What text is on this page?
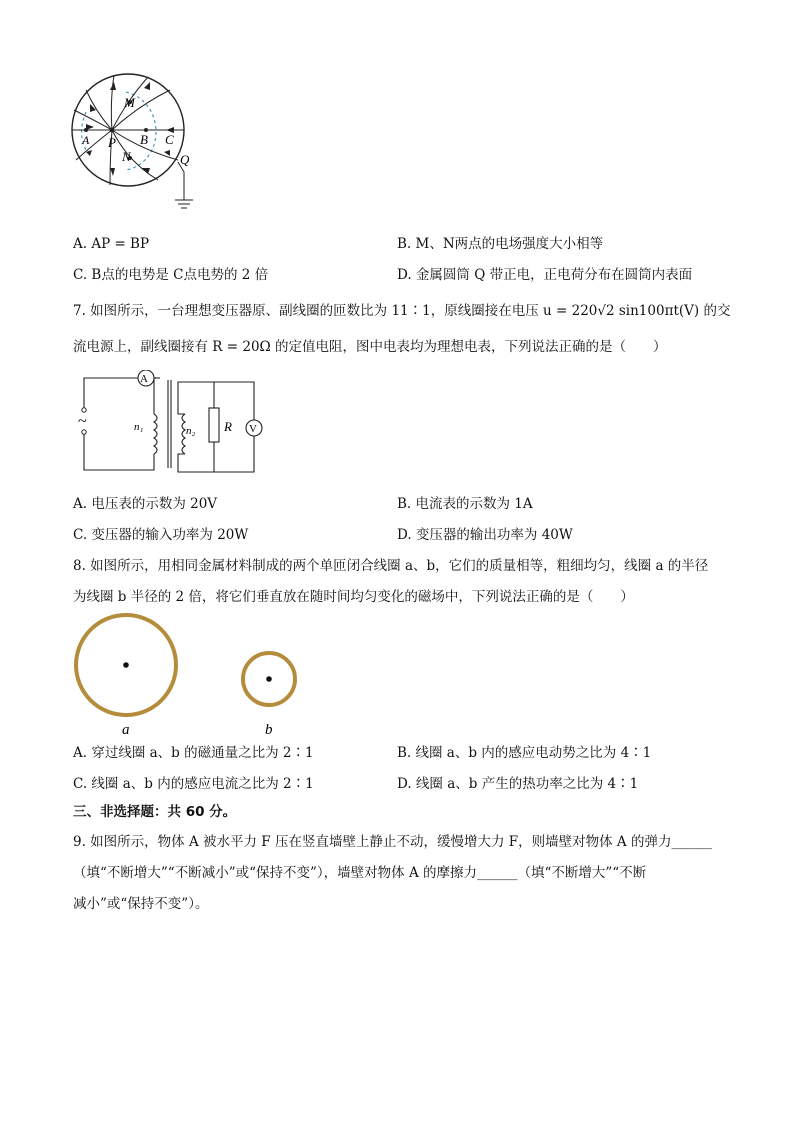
M
P
A	B C
N	Q
A. AP = BP	B. M、N两点的电场强度大小相等
C. B点的电势是 C点电势的 2 倍	D. 金属圆筒 Q 带正电，正电荷分布在圆筒内表面
7. 如图所示，一台理想变压器原、副线圈的匝数比为 11∶1，原线圈接在电压 u = 220√2 sin100πt(V) 的交
流电源上，副线圈接有 R = 20Ω 的定值电阻，图中电表均为理想电表，下列说法正确的是（　　）
A
V
R
n₁	n₂
~
A. 电压表的示数为 20V	B. 电流表的示数为 1A
C. 变压器的输入功率为 20W	D. 变压器的输出功率为 40W
8. 如图所示，用相同金属材料制成的两个单匝闭合线圈 a、b，它们的质量相等，粗细均匀，线圈 a 的半径
为线圈 b 半径的 2 倍，将它们垂直放在随时间均匀变化的磁场中，下列说法正确的是（　　）
a	b
A. 穿过线圈 a、b 的磁通量之比为 2∶1	B. 线圈 a、b 内的感应电动势之比为 4∶1
C. 线圈 a、b 内的感应电流之比为 2∶1	D. 线圈 a、b 产生的热功率之比为 4∶1
三、非选择题：共 60 分。
9. 如图所示，物体 A 被水平力 F 压在竖直墙壁上静止不动，缓慢增大力 F，则墙壁对物体 A 的弹力______
（填“不断增大”“不断减小”或“保持不变”），墙壁对物体 A 的摩擦力______（填“不断增大”“不断
减小”或“保持不变”）。
